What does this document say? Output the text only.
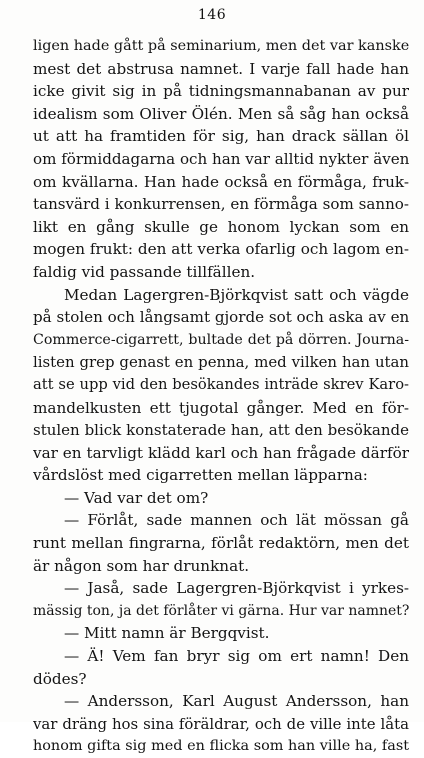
146
ligen hade gått på seminarium, men det var kanske
mest det abstrusa namnet. I varje fall hade han
icke givit sig in på tidningsmannabanan av pur
idealism som Oliver Ölén. Men så såg han också
ut att ha framtiden för sig, han drack sällan öl
om förmiddagarna och han var alltid nykter även
om kvällarna. Han hade också en förmåga, fruk-
tansvärd i konkurrensen, en förmåga som sanno-
likt en gång skulle ge honom lyckan som en
mogen frukt: den att verka ofarlig och lagom en-
faldig vid passande tillfällen.
Medan Lagergren-Björkqvist satt och vägde
på stolen och långsamt gjorde sot och aska av en
Commerce-cigarrett, bultade det på dörren. Journa-
listen grep genast en penna, med vilken han utan
att se upp vid den besökandes inträde skrev Karo-
mandelkusten ett tjugotal gånger. Med en för-
stulen blick konstaterade han, att den besökande
var en tarvligt klädd karl och han frågade därför
vårdslöst med cigarretten mellan läpparna:
— Vad var det om?
— Förlåt, sade mannen och lät mössan gå
runt mellan fingrarna, förlåt redaktörn, men det
är någon som har drunknat.
— Jaså, sade Lagergren-Björkqvist i yrkes-
mässig ton, ja det förlåter vi gärna. Hur var namnet?
— Mitt namn är Bergqvist.
— Ä! Vem fan bryr sig om ert namn! Den
dödes?
— Andersson, Karl August Andersson, han
var dräng hos sina föräldrar, och de ville inte låta
honom gifta sig med en flicka som han ville ha, fast
